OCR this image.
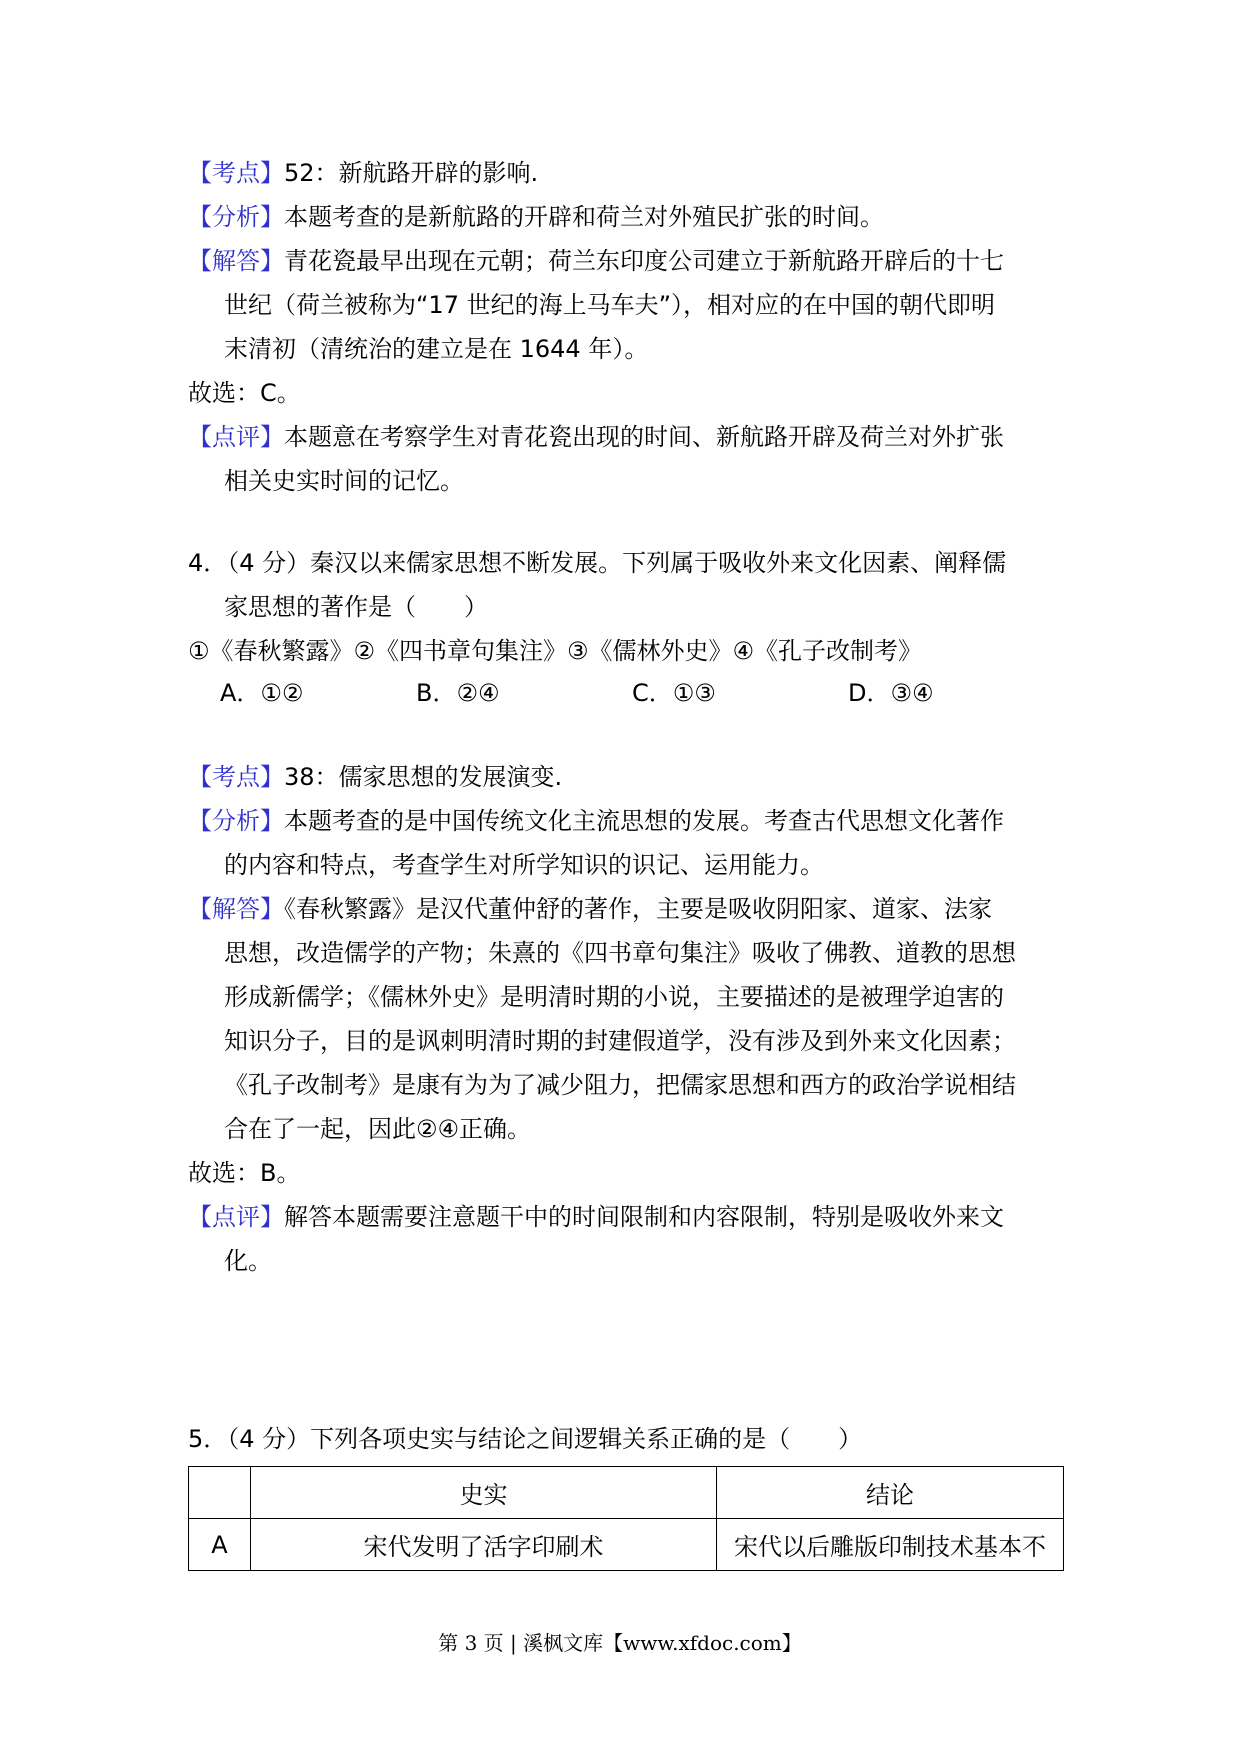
【考点】52：新航路开辟的影响.
【分析】本题考查的是新航路的开辟和荷兰对外殖民扩张的时间。
【解答】青花瓷最早出现在元朝；荷兰东印度公司建立于新航路开辟后的十七
世纪（荷兰被称为“17 世纪的海上马车夫”），相对应的在中国的朝代即明
末清初（清统治的建立是在 1644 年）。
故选：C。
【点评】本题意在考察学生对青花瓷出现的时间、新航路开辟及荷兰对外扩张
相关史实时间的记忆。
4．（4 分）秦汉以来儒家思想不断发展。下列属于吸收外来文化因素、阐释儒
家思想的著作是（　　）
①《春秋繁露》②《四书章句集注》③《儒林外史》④《孔子改制考》
A．①②	B．②④	C．①③	D．③④
【考点】38：儒家思想的发展演变.
【分析】本题考查的是中国传统文化主流思想的发展。考查古代思想文化著作
的内容和特点，考查学生对所学知识的识记、运用能力。
【解答】《春秋繁露》是汉代董仲舒的著作，主要是吸收阴阳家、道家、法家
思想，改造儒学的产物；朱熹的《四书章句集注》吸收了佛教、道教的思想
形成新儒学；《儒林外史》是明清时期的小说，主要描述的是被理学迫害的
知识分子，目的是讽刺明清时期的封建假道学，没有涉及到外来文化因素；
《孔子改制考》是康有为为了减少阻力，把儒家思想和西方的政治学说相结
合在了一起，因此②④正确。
故选：B。
【点评】解答本题需要注意题干中的时间限制和内容限制，特别是吸收外来文
化。
5．（4 分）下列各项史实与结论之间逻辑关系正确的是（　　）
	史实	结论
A	宋代发明了活字印刷术	宋代以后雕版印制技术基本不
第 3 页 | 溪枫文库【www.xfdoc.com】
